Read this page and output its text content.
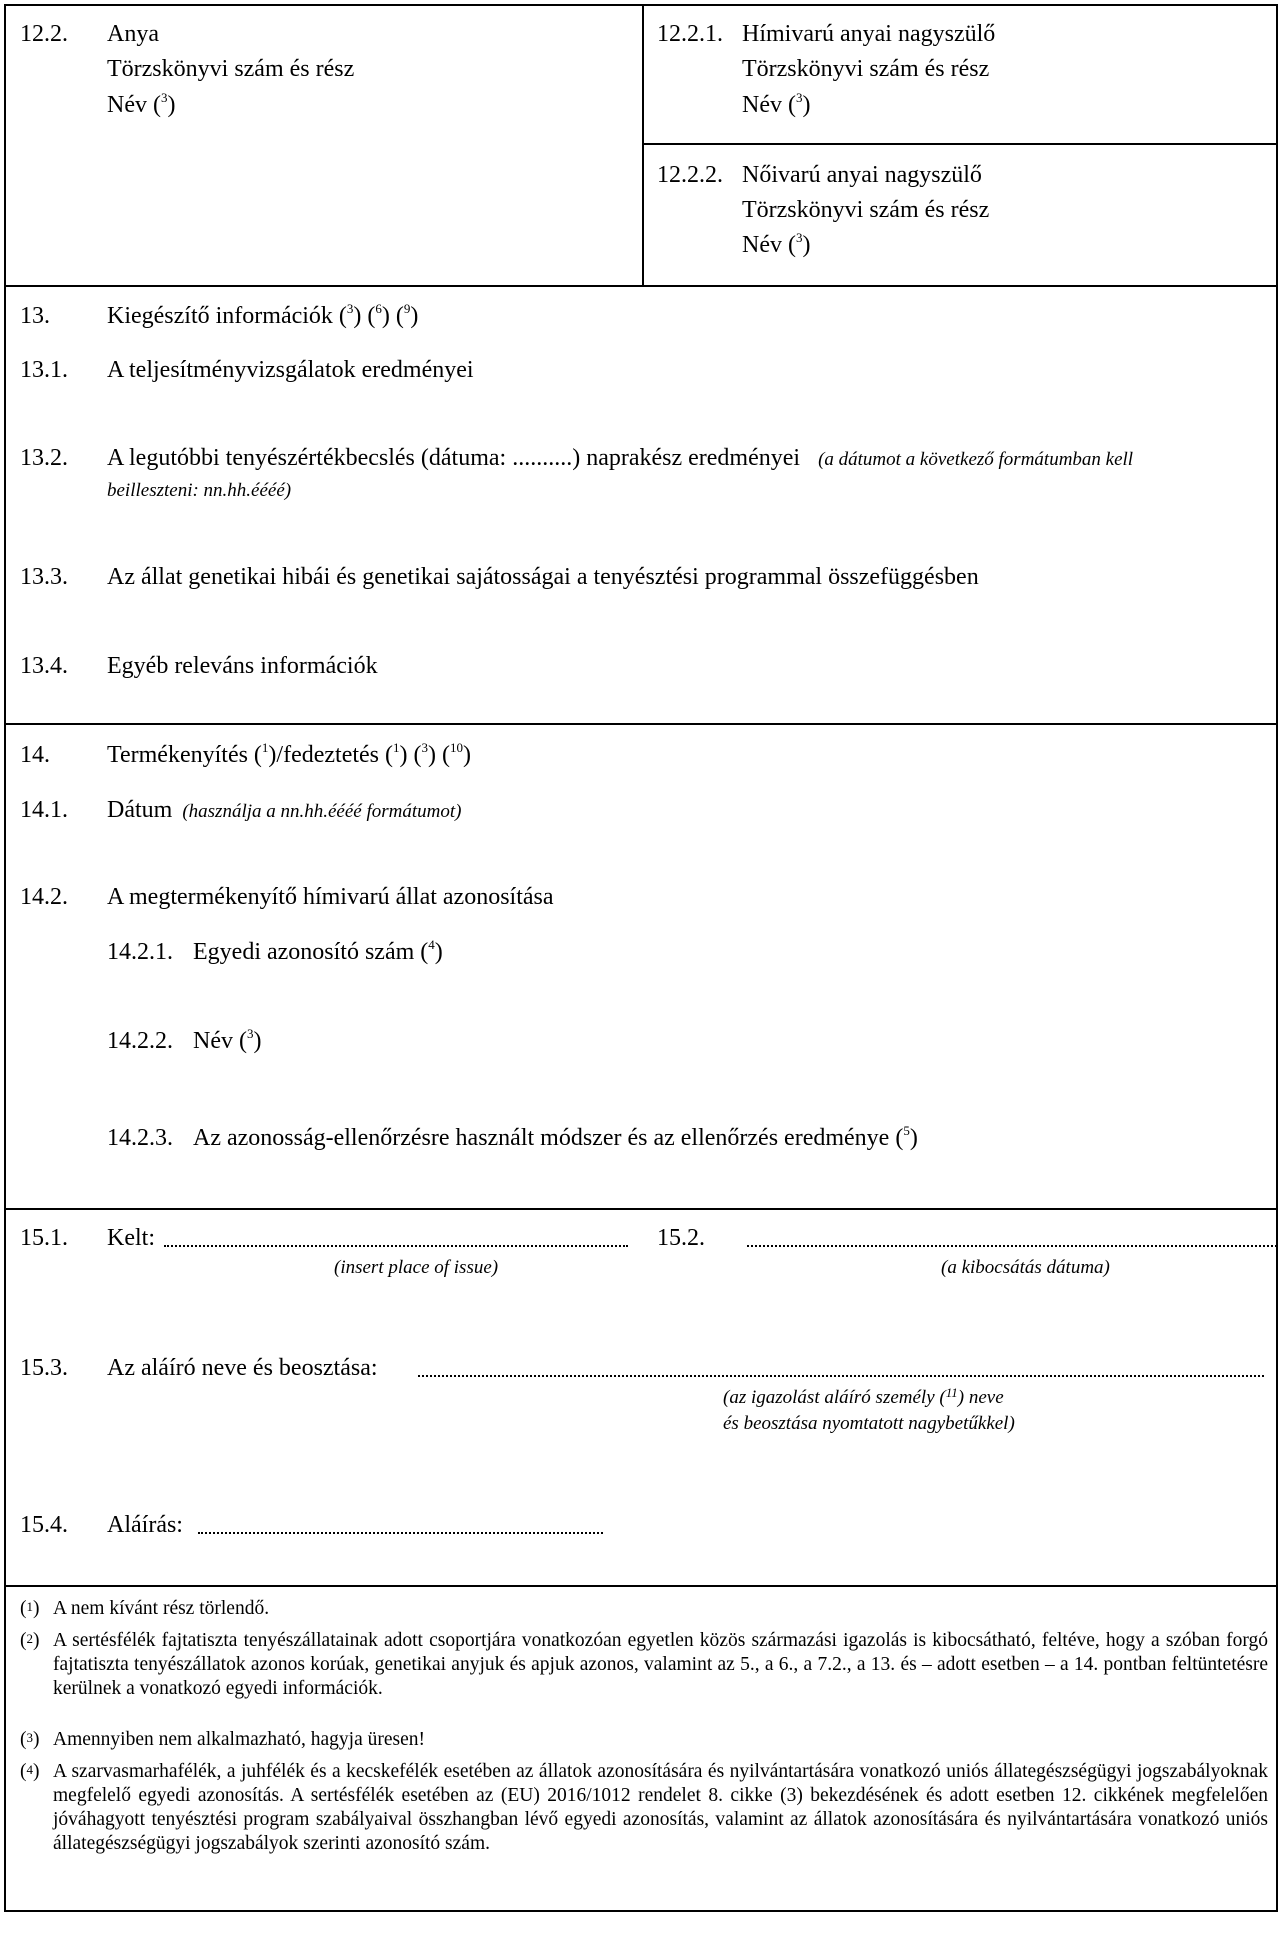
12.2. Anya
Törzskönyvi szám és rész
Név ($^3$)
12.2.1. Hímivarú anyai nagyszülő
Törzskönyvi szám és rész
Név ($^3$)
12.2.2. Nőivarú anyai nagyszülő
Törzskönyvi szám és rész
Név ($^3$)
13. Kiegészítő információk ($^3$) ($^6$) ($^9$)
13.1. A teljesítményvizsgálatok eredményei
13.2. A legutóbbi tenyészértékbecslés (dátuma: ..........) naprakész eredményei (a dátumot a következő formátumban kell
beilleszteni: nn.hh.éééé)
13.3. Az állat genetikai hibái és genetikai sajátosságai a tenyésztési programmal összefüggésben
13.4. Egyéb releváns információk
14. Termékenyítés ($^1$)/fedeztetés ($^1$) ($^3$) ($^{10}$)
14.1. Dátum (használja a nn.hh.éééé formátumot)
14.2. A megtermékenyítő hímivarú állat azonosítása
14.2.1. Egyedi azonosító szám ($^4$)
14.2.2. Név ($^3$)
14.2.3. Az azonosság-ellenőrzésre használt módszer és az ellenőrzés eredménye ($^5$)
15.1. Kelt:
(insert place of issue)
15.2.
(a kibocsátás dátuma)
15.3. Az aláíró neve és beosztása:
(az igazolást aláíró személy ($^{11}$) neve
és beosztása nyomtatott nagybetűkkel)
15.4. Aláírás:
($^1$) A nem kívánt rész törlendő.
($^2$) A sertésfélék fajtatiszta tenyészállatainak adott csoportjára vonatkozóan egyetlen közös származási igazolás is kibocsátható, feltéve, hogy a szóban forgó fajtatiszta tenyészállatok azonos korúak, genetikai anyjuk és apjuk azonos, valamint az 5., a 6., a 7.2., a 13. és – adott esetben – a 14. pontban feltüntetésre kerülnek a vonatkozó egyedi információk.
($^3$) Amennyiben nem alkalmazható, hagyja üresen!
($^4$) A szarvasmarhafélék, a juhfélék és a kecskefélék esetében az állatok azonosítására és nyilvántartására vonatkozó uniós állategészségügyi jogszabályoknak megfelelő egyedi azonosítás. A sertésfélék esetében az (EU) 2016/1012 rendelet 8. cikke (3) bekezdésének és adott esetben 12. cikkének megfelelően jóváhagyott tenyésztési program szabályaival összhangban lévő egyedi azonosítás, valamint az állatok azonosítására és nyilvántartására vonatkozó uniós állategészségügyi jogszabályok szerinti azonosító szám.
